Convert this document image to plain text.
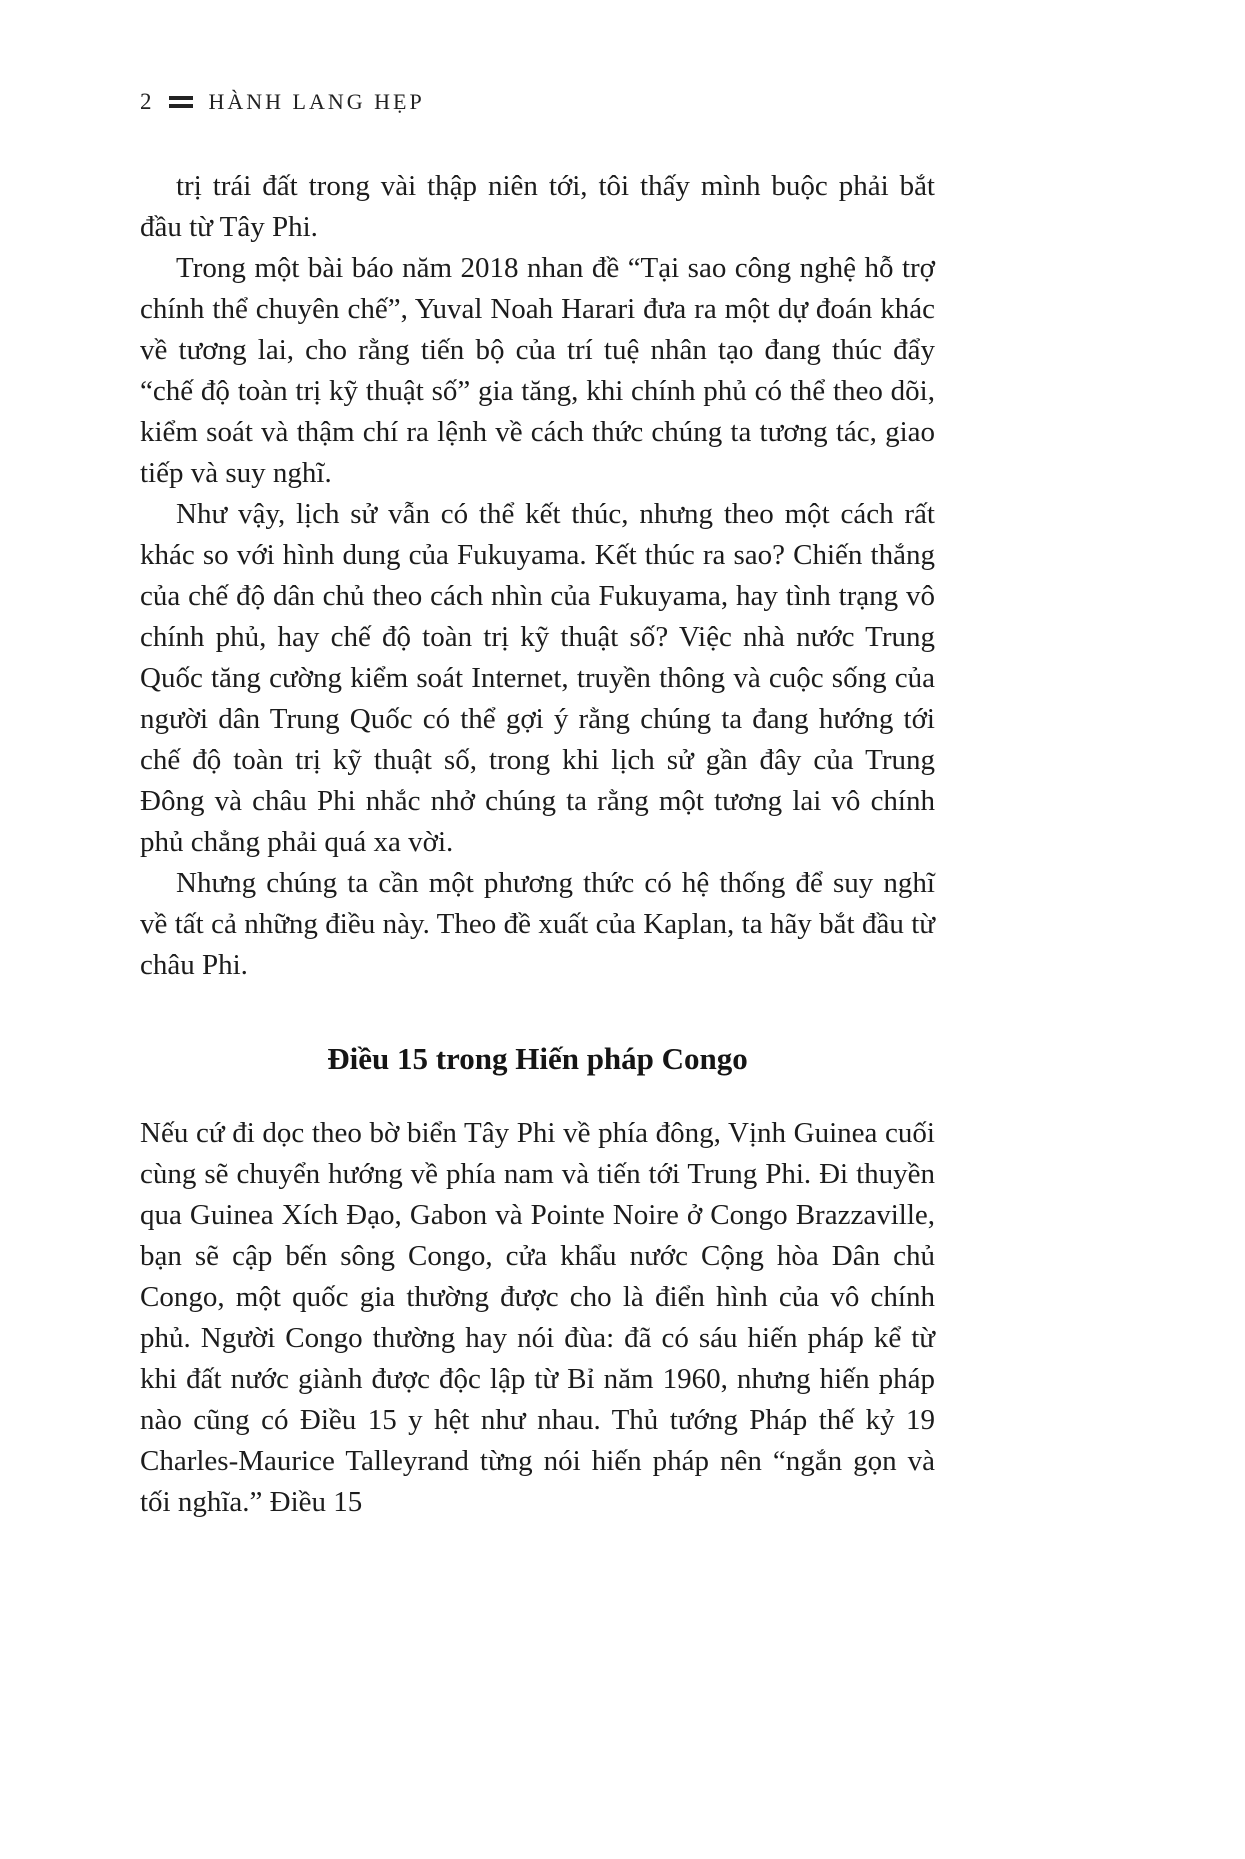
2	HÀNH LANG HẸP

trị trái đất trong vài thập niên tới, tôi thấy mình buộc phải bắt đầu từ Tây Phi.

Trong một bài báo năm 2018 nhan đề “Tại sao công nghệ hỗ trợ chính thể chuyên chế”, Yuval Noah Harari đưa ra một dự đoán khác về tương lai, cho rằng tiến bộ của trí tuệ nhân tạo đang thúc đẩy “chế độ toàn trị kỹ thuật số” gia tăng, khi chính phủ có thể theo dõi, kiểm soát và thậm chí ra lệnh về cách thức chúng ta tương tác, giao tiếp và suy nghĩ.

Như vậy, lịch sử vẫn có thể kết thúc, nhưng theo một cách rất khác so với hình dung của Fukuyama. Kết thúc ra sao? Chiến thắng của chế độ dân chủ theo cách nhìn của Fukuyama, hay tình trạng vô chính phủ, hay chế độ toàn trị kỹ thuật số? Việc nhà nước Trung Quốc tăng cường kiểm soát Internet, truyền thông và cuộc sống của người dân Trung Quốc có thể gợi ý rằng chúng ta đang hướng tới chế độ toàn trị kỹ thuật số, trong khi lịch sử gần đây của Trung Đông và châu Phi nhắc nhở chúng ta rằng một tương lai vô chính phủ chẳng phải quá xa vời.

Nhưng chúng ta cần một phương thức có hệ thống để suy nghĩ về tất cả những điều này. Theo đề xuất của Kaplan, ta hãy bắt đầu từ châu Phi.

Điều 15 trong Hiến pháp Congo

Nếu cứ đi dọc theo bờ biển Tây Phi về phía đông, Vịnh Guinea cuối cùng sẽ chuyển hướng về phía nam và tiến tới Trung Phi. Đi thuyền qua Guinea Xích Đạo, Gabon và Pointe Noire ở Congo Brazzaville, bạn sẽ cập bến sông Congo, cửa khẩu nước Cộng hòa Dân chủ Congo, một quốc gia thường được cho là điển hình của vô chính phủ. Người Congo thường hay nói đùa: đã có sáu hiến pháp kể từ khi đất nước giành được độc lập từ Bỉ năm 1960, nhưng hiến pháp nào cũng có Điều 15 y hệt như nhau. Thủ tướng Pháp thế kỷ 19 Charles-Maurice Talleyrand từng nói hiến pháp nên “ngắn gọn và tối nghĩa.” Điều 15
